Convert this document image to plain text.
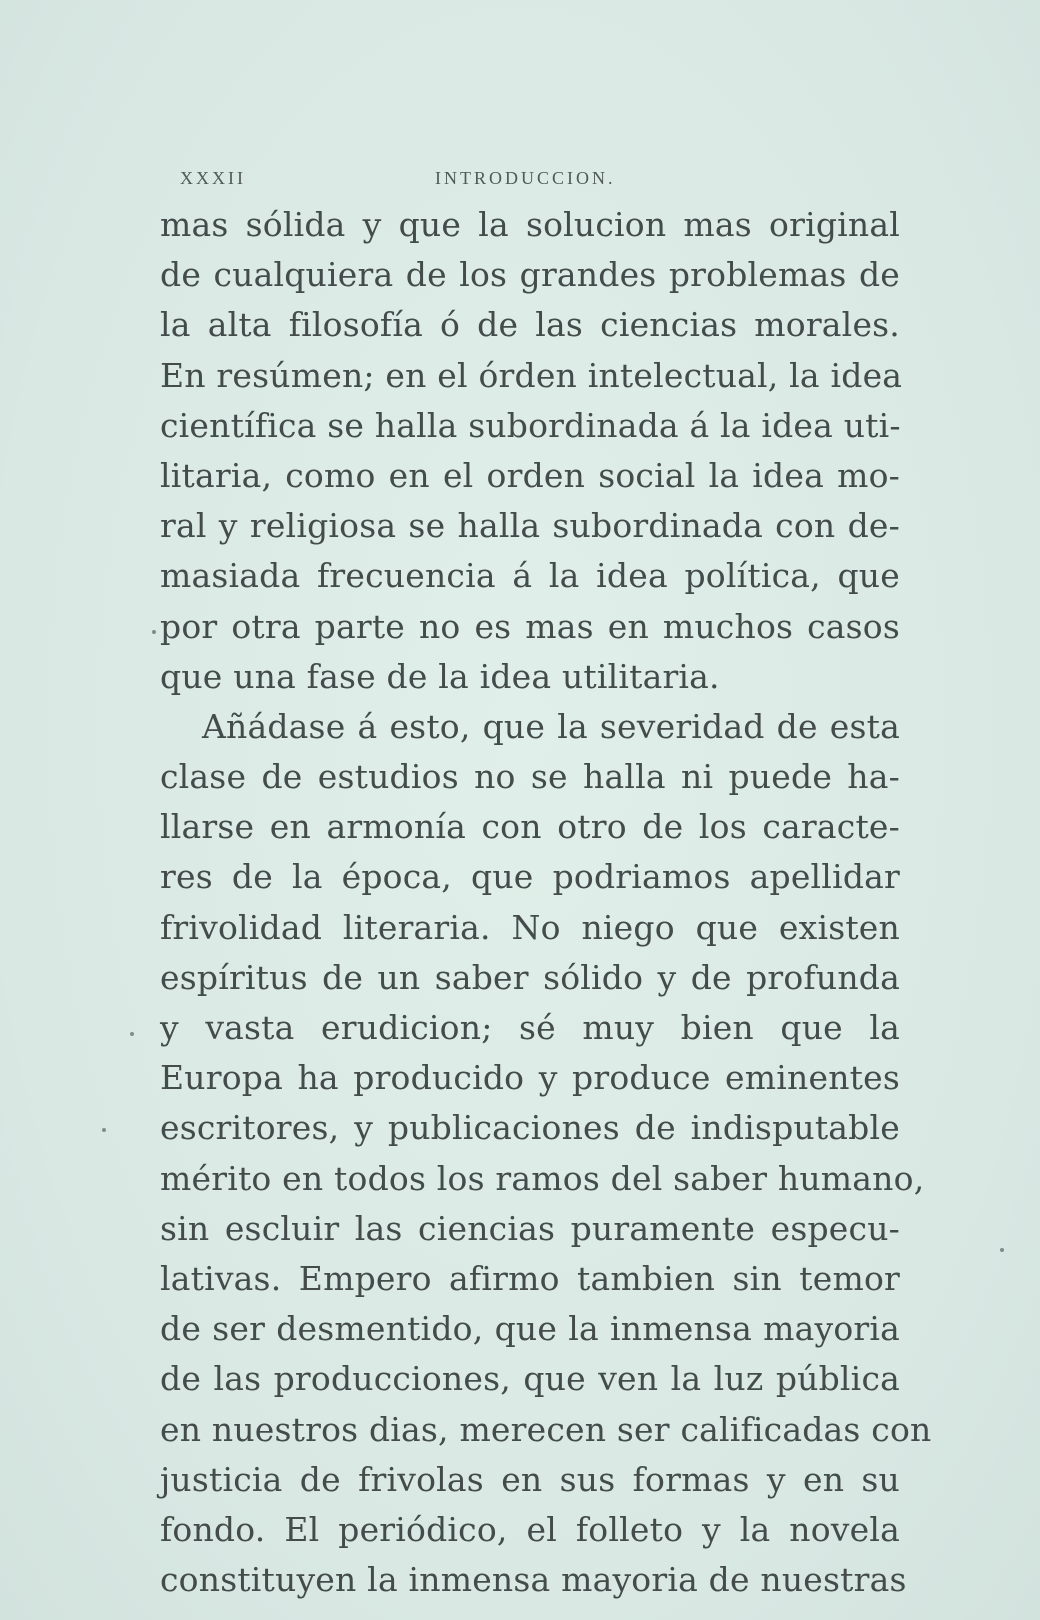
XXXII	INTRODUCCION.
mas sólida y que la solucion mas original
de cualquiera de los grandes problemas de
la alta filosofía ó de las ciencias morales.
En resúmen; en el órden intelectual, la idea
científica se halla subordinada á la idea uti-
litaria, como en el orden social la idea mo-
ral y religiosa se halla subordinada con de-
masiada frecuencia á la idea política, que
por otra parte no es mas en muchos casos
que una fase de la idea utilitaria.
Añádase á esto, que la severidad de esta
clase de estudios no se halla ni puede ha-
llarse en armonía con otro de los caracte-
res de la época, que podriamos apellidar
frivolidad literaria. No niego que existen
espíritus de un saber sólido y de profunda
y vasta erudicion; sé muy bien que la
Europa ha producido y produce eminentes
escritores, y publicaciones de indisputable
mérito en todos los ramos del saber humano,
sin escluir las ciencias puramente especu-
lativas. Empero afirmo tambien sin temor
de ser desmentido, que la inmensa mayoria
de las producciones, que ven la luz pública
en nuestros dias, merecen ser calificadas con
justicia de frivolas en sus formas y en su
fondo. El periódico, el folleto y la novela
constituyen la inmensa mayoria de nuestras
